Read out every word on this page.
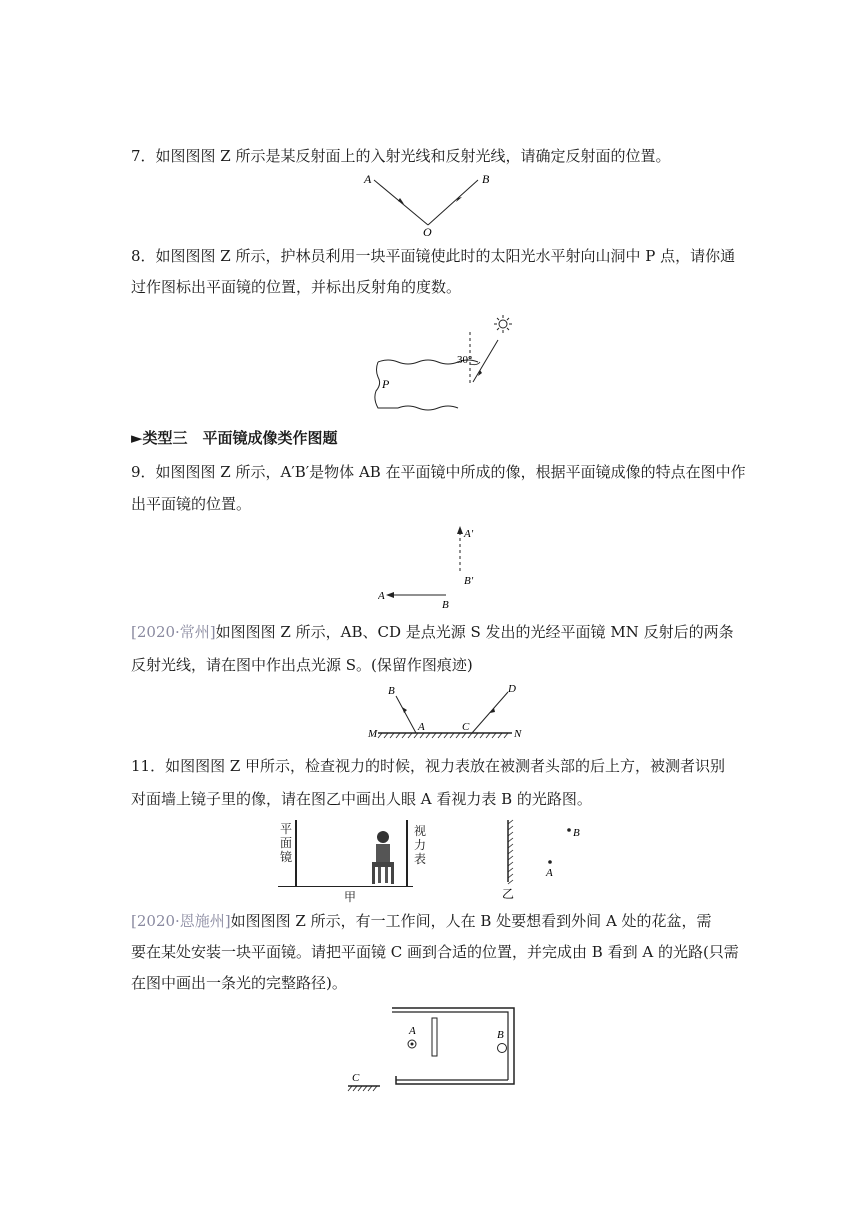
7．如图图图 Z 所示是某反射面上的入射光线和反射光线，请确定反射面的位置。
A	B
O
8．如图图图 Z 所示，护林员利用一块平面镜使此时的太阳光水平射向山洞中 P 点，请你通
过作图标出平面镜的位置，并标出反射角的度数。
P
30°
►类型三　平面镜成像类作图题
9．如图图图 Z 所示，A′B′是物体 AB 在平面镜中所成的像，根据平面镜成像的特点在图中作
出平面镜的位置。
A′
B′
A
B
[2020·常州]如图图图 Z 所示，AB、CD 是点光源 S 发出的光经平面镜 MN 反射后的两条
反射光线，请在图中作出点光源 S。(保留作图痕迹)
B
A	C
D
M	N
11．如图图图 Z 甲所示，检查视力的时候，视力表放在被测者头部的后上方，被测者识别
对面墙上镜子里的像，请在图乙中画出人眼 A 看视力表 B 的光路图。
平面镜
视力表
甲
B
A
乙
[2020·恩施州]如图图图 Z 所示，有一工作间，人在 B 处要想看到外间 A 处的花盆，需
要在某处安装一块平面镜。请把平面镜 C 画到合适的位置，并完成由 B 看到 A 的光路(只需
在图中画出一条光的完整路径)。
A	B
C
